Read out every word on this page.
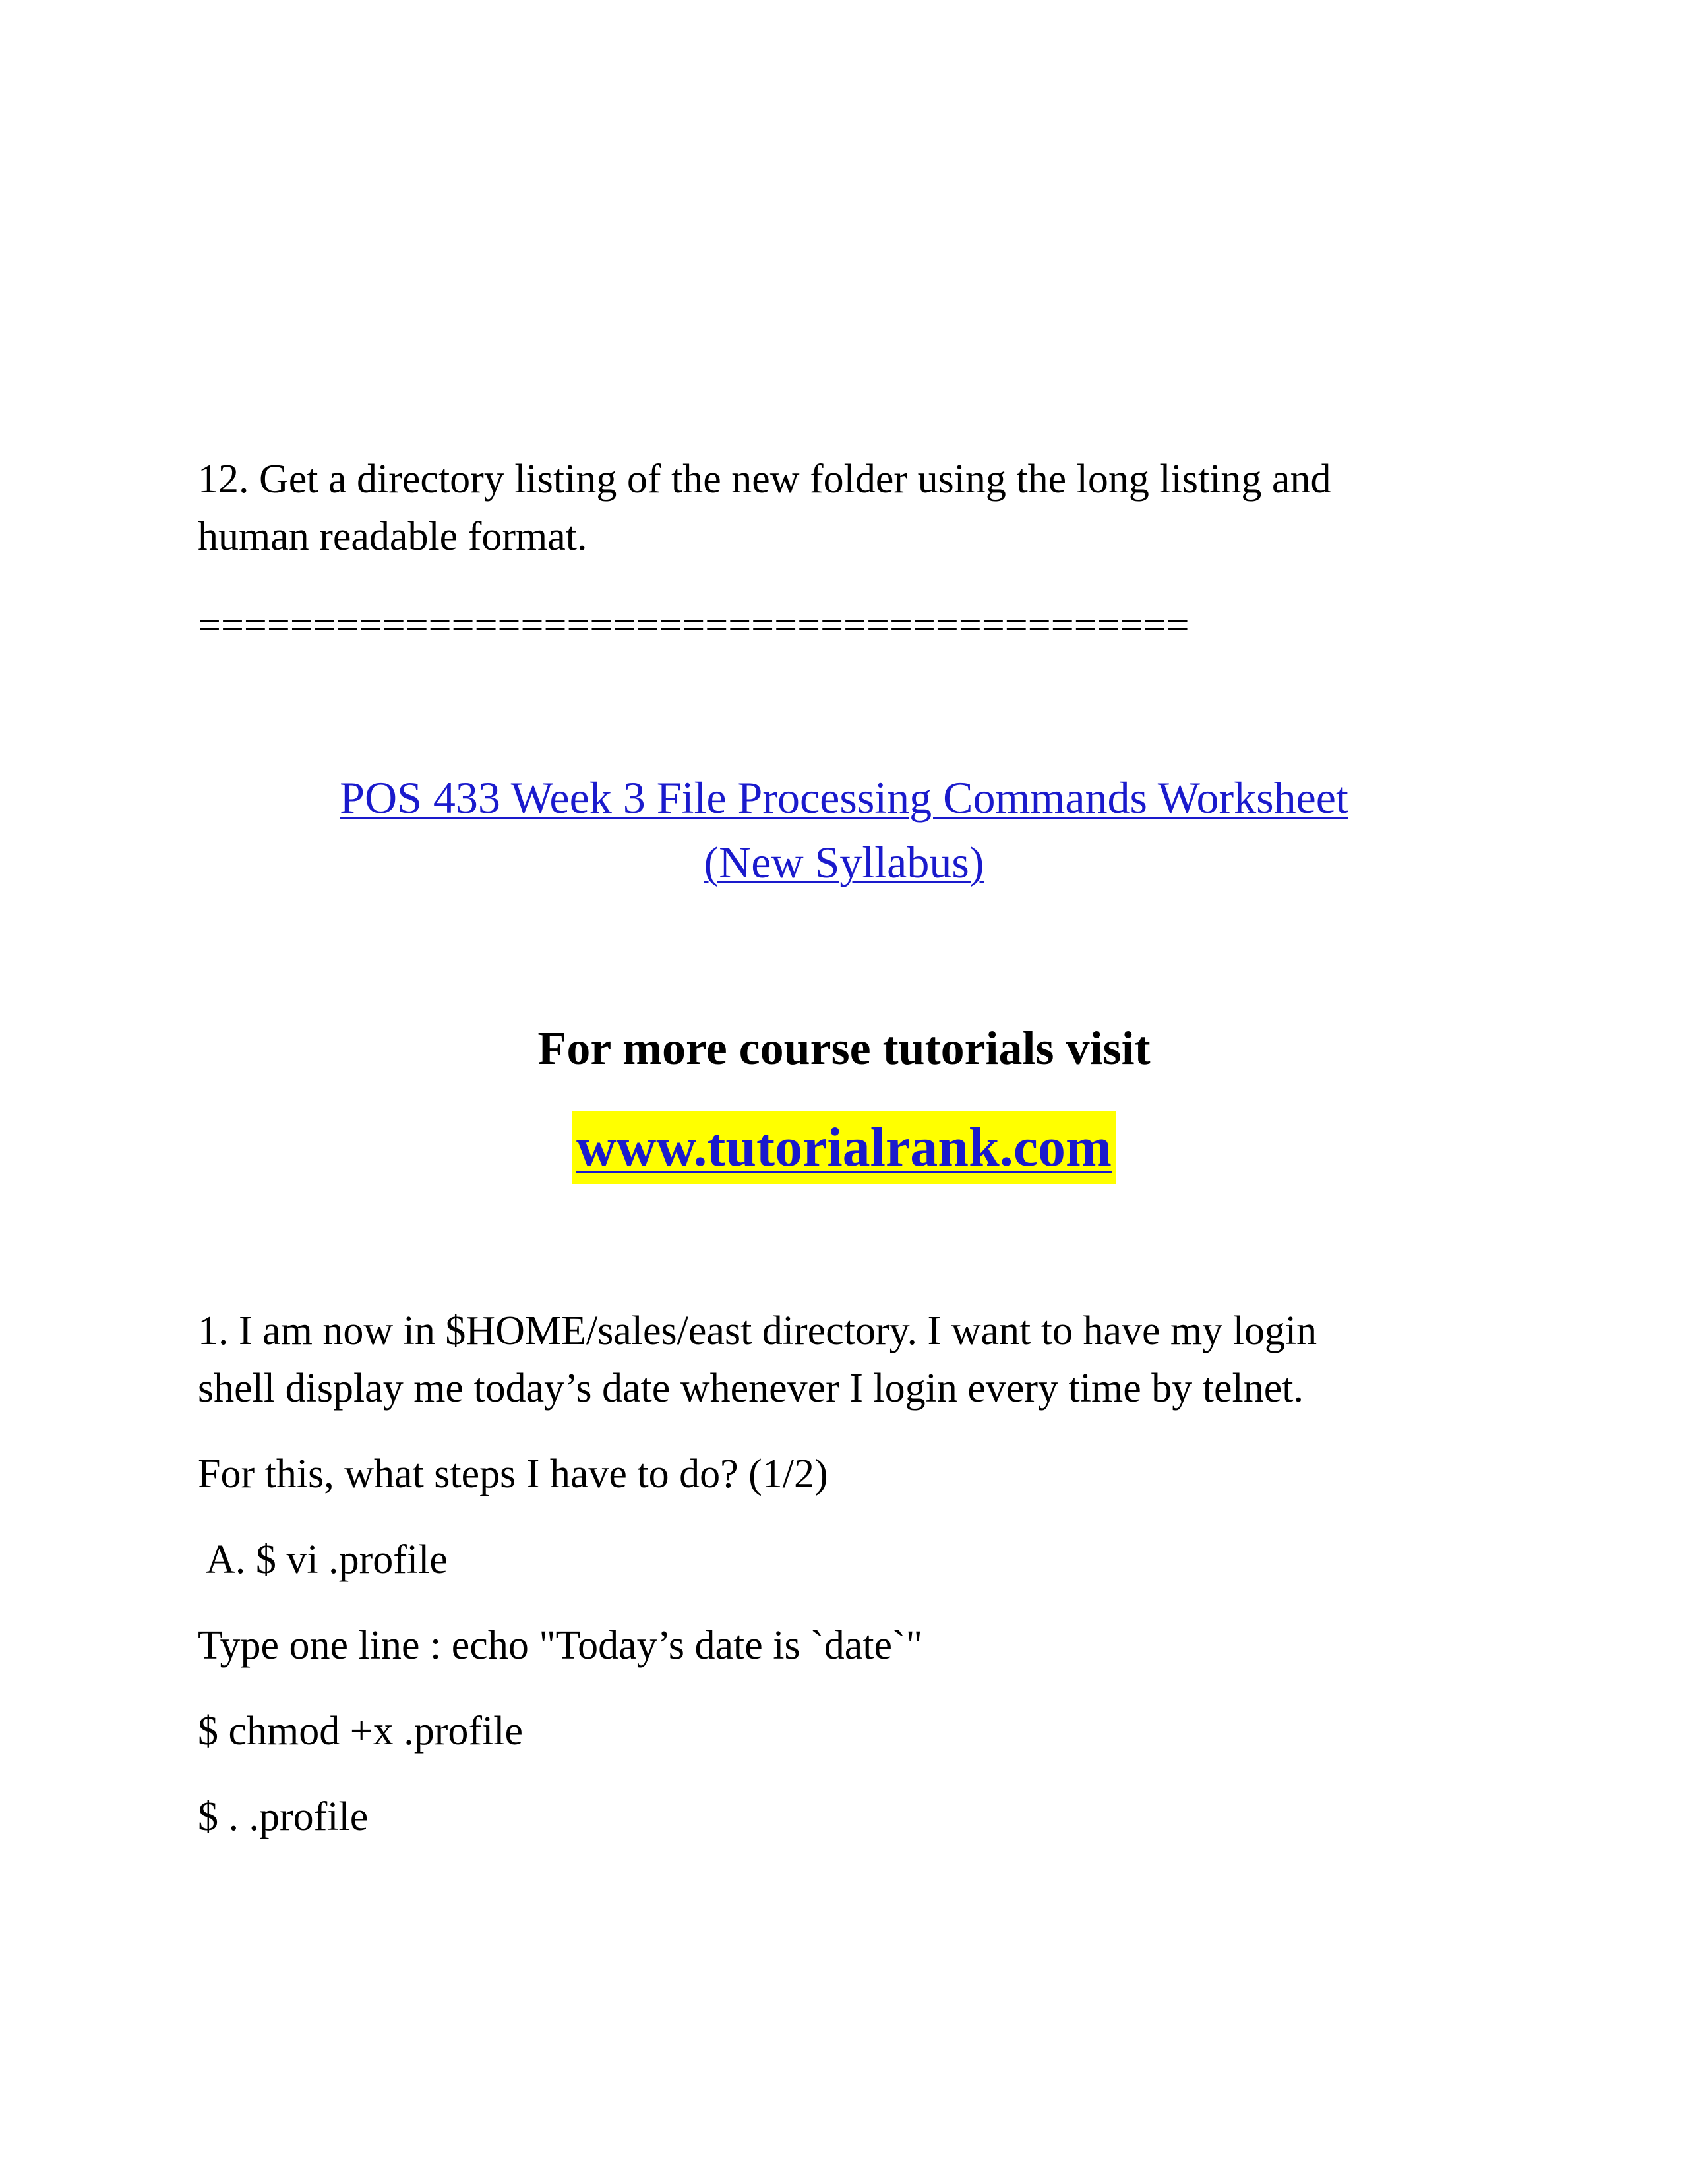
12. Get a directory listing of the new folder using the long listing and
human readable format.
===========================================
POS 433 Week 3 File Processing Commands Worksheet
(New Syllabus)
For more course tutorials visit
www.tutorialrank.com
1. I am now in $HOME/sales/east directory. I want to have my login
shell display me today’s date whenever I login every time by telnet.
For this, what steps I have to do? (1/2)
A. $ vi .profile
Type one line : echo "Today’s date is `date`"
$ chmod +x .profile
$ . .profile
